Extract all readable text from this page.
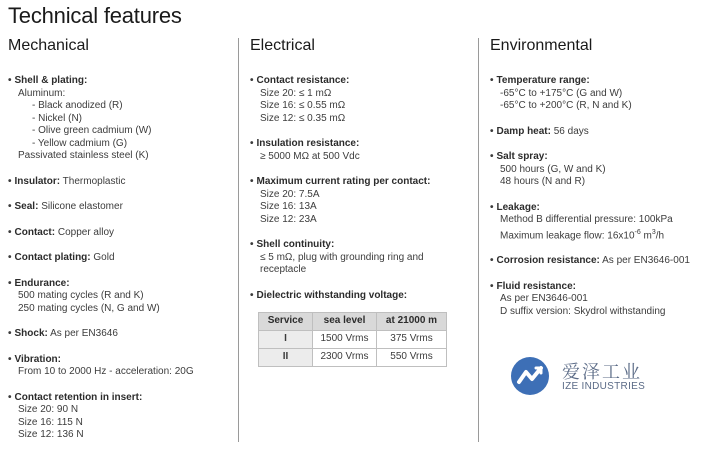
Technical features
Mechanical
• Shell & plating:
Aluminum:
- Black anodized (R)
- Nickel (N)
- Olive green cadmium (W)
- Yellow cadmium (G)
Passivated stainless steel (K)
• Insulator: Thermoplastic
• Seal: Silicone elastomer
• Contact: Copper alloy
• Contact plating: Gold
• Endurance:
500 mating cycles (R and K)
250 mating cycles (N, G and W)
• Shock: As per EN3646
• Vibration:
From 10 to 2000 Hz - acceleration: 20G
• Contact retention in insert:
Size 20: 90 N
Size 16: 115 N
Size 12: 136 N
Electrical
• Contact resistance:
Size 20: ≤ 1 mΩ
Size 16: ≤ 0.55 mΩ
Size 12: ≤ 0.35 mΩ
• Insulation resistance:
≥ 5000 MΩ at 500 Vdc
• Maximum current rating per contact:
Size 20: 7.5A
Size 16: 13A
Size 12: 23A
• Shell continuity:
≤ 5 mΩ, plug with grounding ring and
receptacle
• Dielectric withstanding voltage:
Service	sea level	at 21000 m
I	1500 Vrms	375 Vrms
II	2300 Vrms	550 Vrms
Environmental
• Temperature range:
-65°C to +175°C (G and W)
-65°C to +200°C (R, N and K)
• Damp heat: 56 days
• Salt spray:
500 hours (G, W and K)
48 hours (N and R)
• Leakage:
Method B differential pressure: 100kPa
Maximum leakage flow: $16x10^{-6}$ $m^3/h$
• Corrosion resistance: As per EN3646-001
• Fluid resistance:
As per EN3646-001
D suffix version: Skydrol withstanding
爱泽工业
IZE INDUSTRIES
